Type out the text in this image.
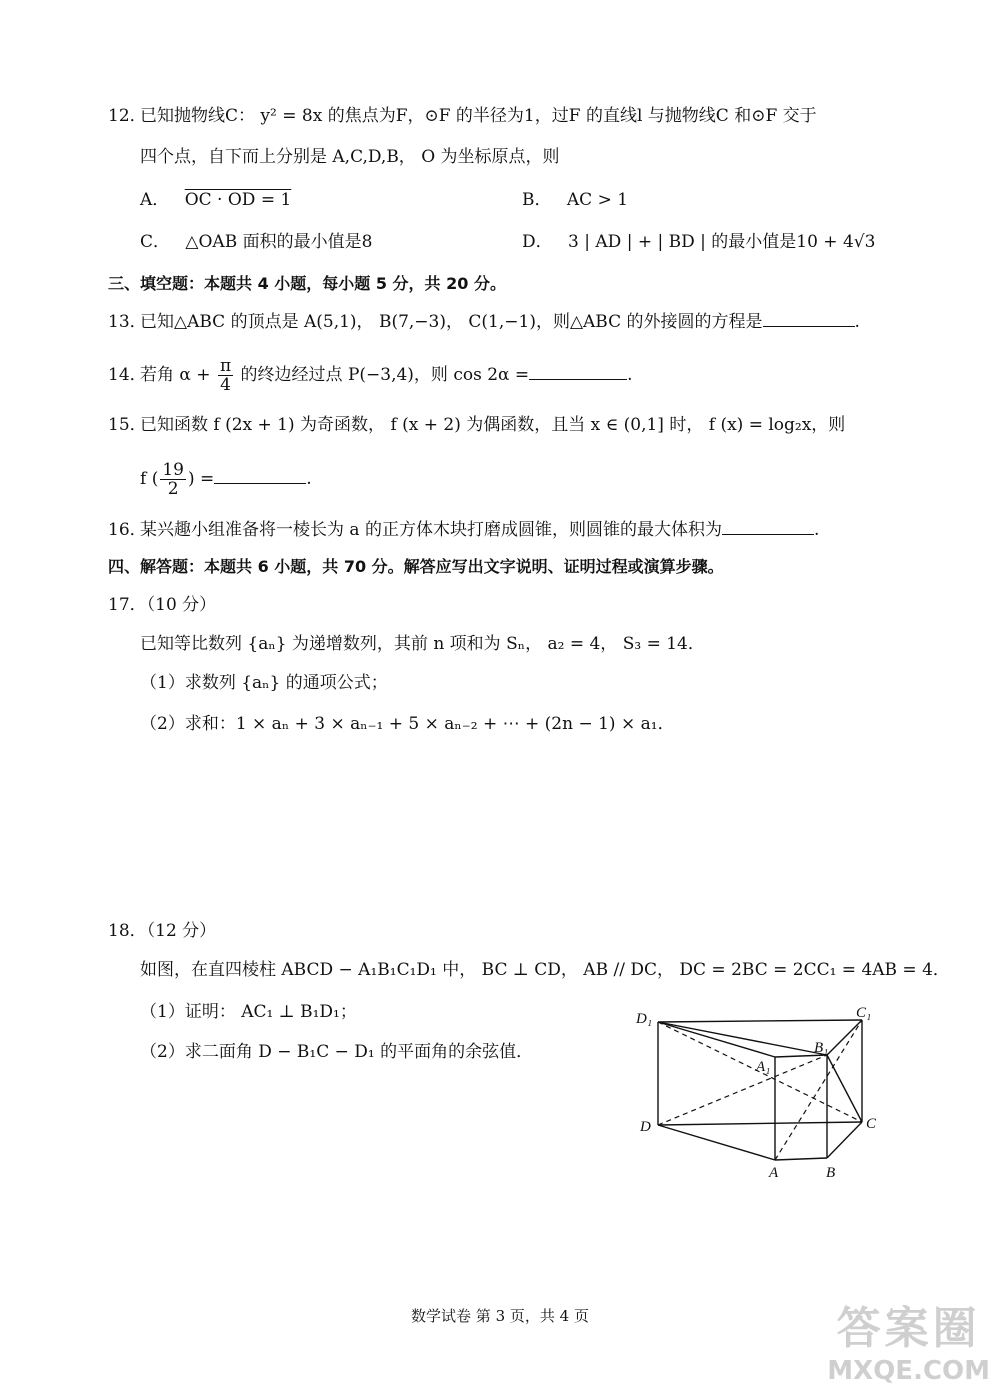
12．
已知抛物线C： y² = 8x 的焦点为F，⊙F 的半径为1，过F 的直线l 与抛物线C 和⊙F 交于
四个点，自下而上分别是 A,C,D,B， O 为坐标原点，则
A． OC · OD = 1	B． AC > 1
C． △OAB 面积的最小值是8	D． 3 | AD | + | BD | 的最小值是10 + 4√3
三、填空题：本题共 4 小题，每小题 5 分，共 20 分。
13．
已知△ABC 的顶点是 A(5,1)， B(7,−3)， C(1,−1)，则△ABC 的外接圆的方程是	.
14．
若角 $\alpha + \frac{\pi}{4}$ 的终边经过点 P(−3,4)，则 cos 2α =	.
15．
已知函数 f (2x + 1) 为奇函数， f (x + 2) 为偶函数，且当 x ∈ (0,1] 时， f (x) = log₂x，则
f ( $\frac{19}{2}$ ) =	.
16．
某兴趣小组准备将一棱长为 a 的正方体木块打磨成圆锥，则圆锥的最大体积为	.
四、解答题：本题共 6 小题，共 70 分。解答应写出文字说明、证明过程或演算步骤。
17．（10 分）
已知等比数列 {aₙ} 为递增数列，其前 n 项和为 Sₙ， a₂ = 4， S₃ = 14．
（1）求数列 {aₙ} 的通项公式；
（2）求和：1 × aₙ + 3 × aₙ₋₁ + 5 × aₙ₋₂ + ⋯ + (2n − 1) × a₁．
18．（12 分）
如图，在直四棱柱 ABCD − A₁B₁C₁D₁ 中， BC ⊥ CD， AB // DC， DC = 2BC = 2CC₁ = 4AB = 4．
（1）证明： AC₁ ⊥ B₁D₁；
（2）求二面角 D − B₁C − D₁ 的平面角的余弦值．
D₁	C₁
B₁
A₁
D	C
A	B
数学试卷 第 3 页，共 4 页	答案圈
MXQE.COM
